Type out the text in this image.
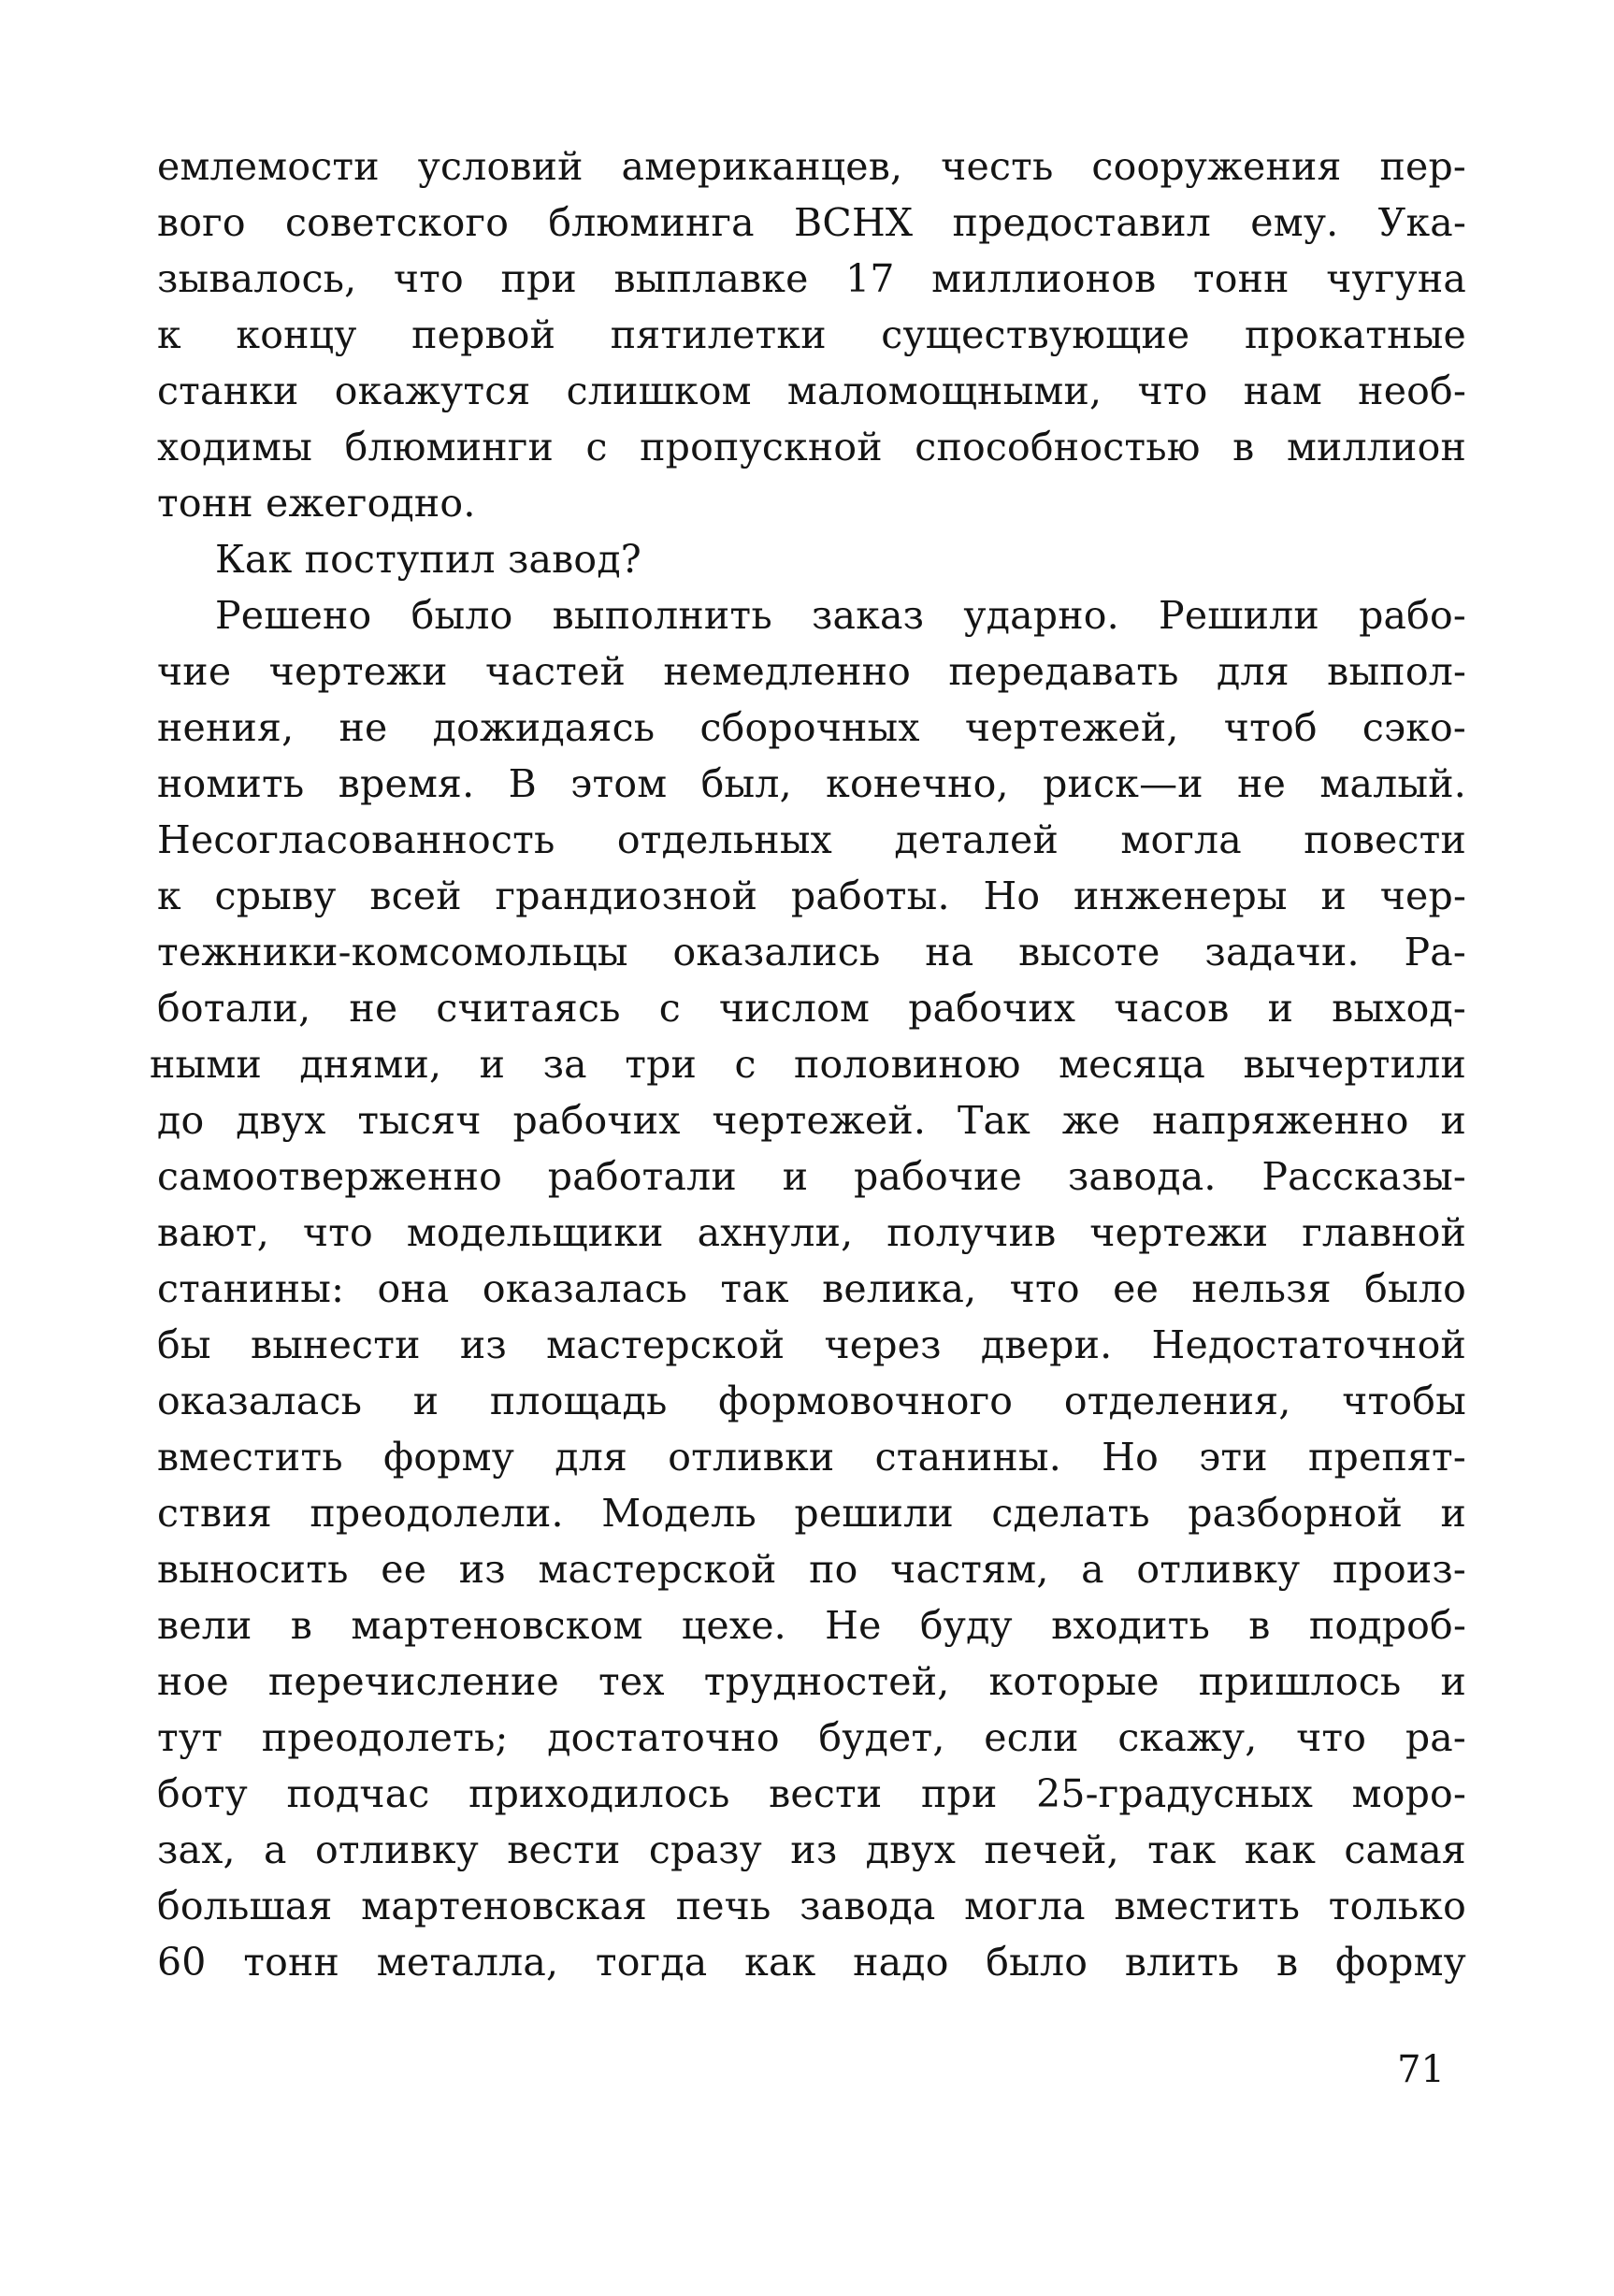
емлемости условий американцев, честь сооружения пер-
вого советского блюминга ВСНХ предоставил ему. Ука-
зывалось, что при выплавке 17 миллионов тонн чугуна
к концу первой пятилетки существующие прокатные
станки окажутся слишком маломощными, что нам необ-
ходимы блюминги с пропускной способностью в миллион
тонн ежегодно.
Как поступил завод?
Решено было выполнить заказ ударно. Решили рабо-
чие чертежи частей немедленно передавать для выпол-
нения, не дожидаясь сборочных чертежей, чтоб сэко-
номить время. В этом был, конечно, риск—и не малый.
Несогласованность отдельных деталей могла повести
к срыву всей грандиозной работы. Но инженеры и чер-
тежники-комсомольцы оказались на высоте задачи. Ра-
ботали, не считаясь с числом рабочих часов и выход-
ными днями, и за три с половиною месяца вычертили
до двух тысяч рабочих чертежей. Так же напряженно и
самоотверженно работали и рабочие завода. Рассказы-
вают, что модельщики ахнули, получив чертежи главной
станины: она оказалась так велика, что ее нельзя было
бы вынести из мастерской через двери. Недостаточной
оказалась и площадь формовочного отделения, чтобы
вместить форму для отливки станины. Но эти препят-
ствия преодолели. Модель решили сделать разборной и
выносить ее из мастерской по частям, а отливку произ-
вели в мартеновском цехе. Не буду входить в подроб-
ное перечисление тех трудностей, которые пришлось и
тут преодолеть; достаточно будет, если скажу, что ра-
боту подчас приходилось вести при 25-градусных моро-
зах, а отливку вести сразу из двух печей, так как самая
большая мартеновская печь завода могла вместить только
60 тонн металла, тогда как надо было влить в форму
71
